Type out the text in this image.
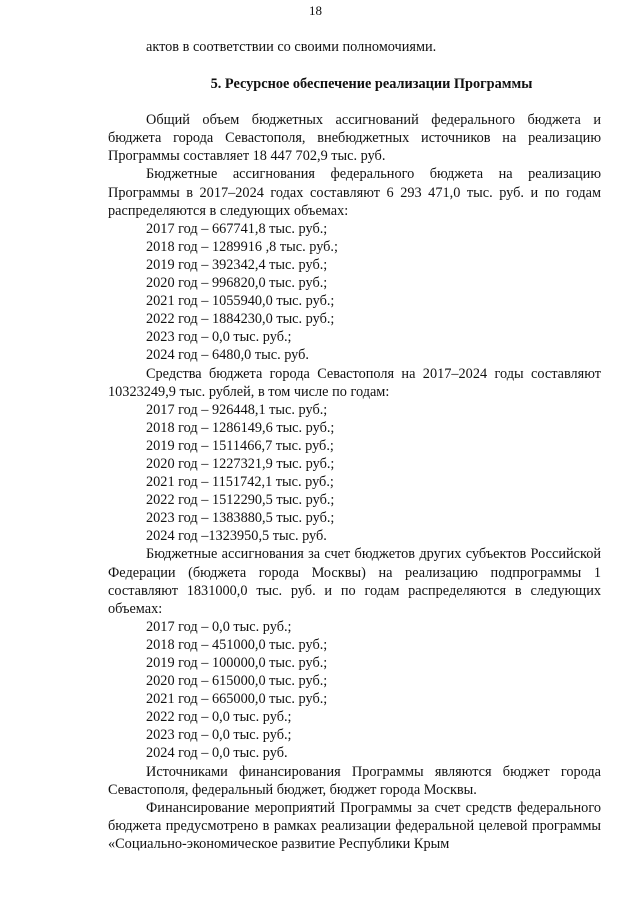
18

актов в соответствии со своими полномочиями.

5. Ресурсное обеспечение реализации Программы

Общий объем бюджетных ассигнований федерального бюджета и бюджета города Севастополя, внебюджетных источников на реализацию Программы составляет 18 447 702,9 тыс. руб.

Бюджетные ассигнования федерального бюджета на реализацию Программы в 2017–2024 годах составляют 6 293 471,0 тыс. руб. и по годам распределяются в следующих объемах:

2017 год – 667741,8 тыс. руб.;

2018 год – 1289916 ,8 тыс. руб.;

2019 год – 392342,4 тыс. руб.;

2020 год – 996820,0 тыс. руб.;

2021 год – 1055940,0 тыс. руб.;

2022 год – 1884230,0 тыс. руб.;

2023 год – 0,0 тыс. руб.;

2024 год – 6480,0 тыс. руб.

Средства бюджета города Севастополя на 2017–2024 годы составляют 10323249,9 тыс. рублей, в том числе по годам:

2017 год – 926448,1 тыс. руб.;

2018 год – 1286149,6 тыс. руб.;

2019 год – 1511466,7 тыс. руб.;

2020 год – 1227321,9 тыс. руб.;

2021 год – 1151742,1 тыс. руб.;

2022 год – 1512290,5 тыс. руб.;

2023 год – 1383880,5 тыс. руб.;

2024 год –1323950,5 тыс. руб.

Бюджетные ассигнования за счет бюджетов других субъектов Российской Федерации (бюджета города Москвы) на реализацию подпрограммы 1 составляют 1831000,0 тыс. руб. и по годам распределяются в следующих объемах:

2017 год – 0,0 тыс. руб.;

2018 год – 451000,0 тыс. руб.;

2019 год – 100000,0 тыс. руб.;

2020 год – 615000,0 тыс. руб.;

2021 год – 665000,0 тыс. руб.;

2022 год – 0,0 тыс. руб.;

2023 год – 0,0 тыс. руб.;

2024 год – 0,0 тыс. руб.

Источниками финансирования Программы являются бюджет города Севастополя, федеральный бюджет, бюджет города Москвы.

Финансирование мероприятий Программы за счет средств федерального бюджета предусмотрено в рамках реализации федеральной целевой программы «Социально-экономическое развитие Республики Крым
